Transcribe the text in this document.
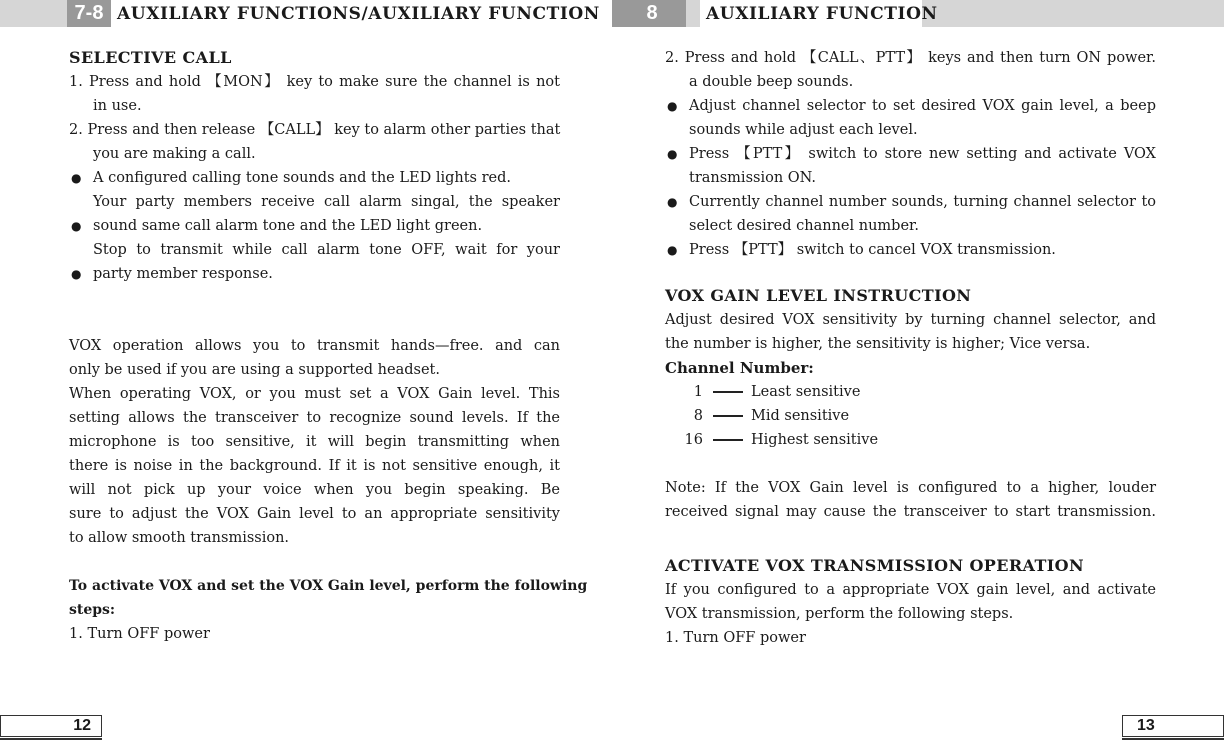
7-8 AUXILIARY FUNCTIONS/AUXILIARY FUNCTION
SELECTIVE CALL
1. Press and hold 【MON】 key to make sure the channel is not
in use.
2. Press and then release 【CALL】 key to alarm other parties that
you are making a call.
● A configured calling tone sounds and the LED lights red.
Your party members receive call alarm singal, the speaker
● sound same call alarm tone and the LED light green.
Stop to transmit while call alarm tone OFF, wait for your
● party member response.
VOX operation allows you to transmit hands—free. and can
only be used if you are using a supported headset.
When operating VOX, or you must set a VOX Gain level. This
setting allows the transceiver to recognize sound levels. If the
microphone is too sensitive, it will begin transmitting when
there is noise in the background. If it is not sensitive enough, it
will not pick up your voice when you begin speaking. Be
sure to adjust the VOX Gain level to an appropriate sensitivity
to allow smooth transmission.
To activate VOX and set the VOX Gain level, perform the following
steps:
1. Turn OFF power
12
8	AUXILIARY FUNCTION
2. Press and hold 【CALL、PTT】 keys and then turn ON power.
a double beep sounds.
● Adjust channel selector to set desired VOX gain level, a beep
sounds while adjust each level.
● Press 【PTT】 switch to store new setting and activate VOX
transmission ON.
● Currently channel number sounds, turning channel selector to
select desired channel number.
● Press 【PTT】 switch to cancel VOX transmission.
VOX GAIN LEVEL INSTRUCTION
Adjust desired VOX sensitivity by turning channel selector, and
the number is higher, the sensitivity is higher; Vice versa.
Channel Number:
1	Least sensitive
8	Mid sensitive
16	Highest sensitive
Note: If the VOX Gain level is configured to a higher, louder
received signal may cause the transceiver to start transmission.
ACTIVATE VOX TRANSMISSION OPERATION
If you configured to a appropriate VOX gain level, and activate
VOX transmission, perform the following steps.
1. Turn OFF power
13
